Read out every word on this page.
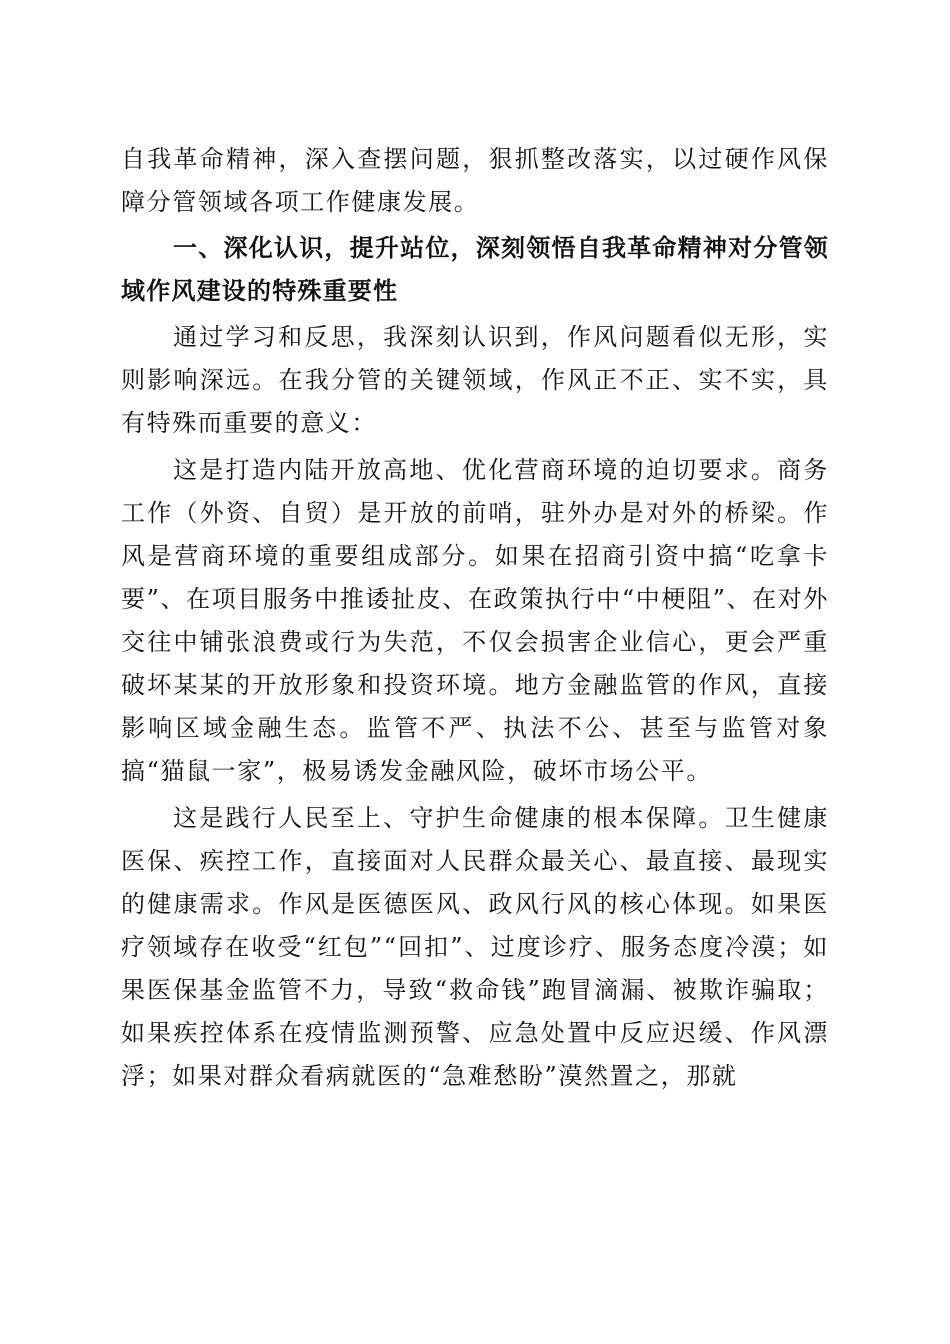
自我革命精神，深入查摆问题，狠抓整改落实，以过硬作风保障分管领域各项工作健康发展。

一、深化认识，提升站位，深刻领悟自我革命精神对分管领域作风建设的特殊重要性

通过学习和反思，我深刻认识到，作风问题看似无形，实则影响深远。在我分管的关键领域，作风正不正、实不实，具有特殊而重要的意义：

这是打造内陆开放高地、优化营商环境的迫切要求。商务工作（外资、自贸）是开放的前哨，驻外办是对外的桥梁。作风是营商环境的重要组成部分。如果在招商引资中搞“吃拿卡要”、在项目服务中推诿扯皮、在政策执行中“中梗阻”、在对外交往中铺张浪费或行为失范，不仅会损害企业信心，更会严重破坏某某的开放形象和投资环境。地方金融监管的作风，直接影响区域金融生态。监管不严、执法不公、甚至与监管对象搞“猫鼠一家”，极易诱发金融风险，破坏市场公平。

这是践行人民至上、守护生命健康的根本保障。卫生健康医保、疾控工作，直接面对人民群众最关心、最直接、最现实的健康需求。作风是医德医风、政风行风的核心体现。如果医疗领域存在收受“红包”“回扣”、过度诊疗、服务态度冷漠；如果医保基金监管不力，导致“救命钱”跑冒滴漏、被欺诈骗取；如果疾控体系在疫情监测预警、应急处置中反应迟缓、作风漂浮；如果对群众看病就医的“急难愁盼”漠然置之，那就
